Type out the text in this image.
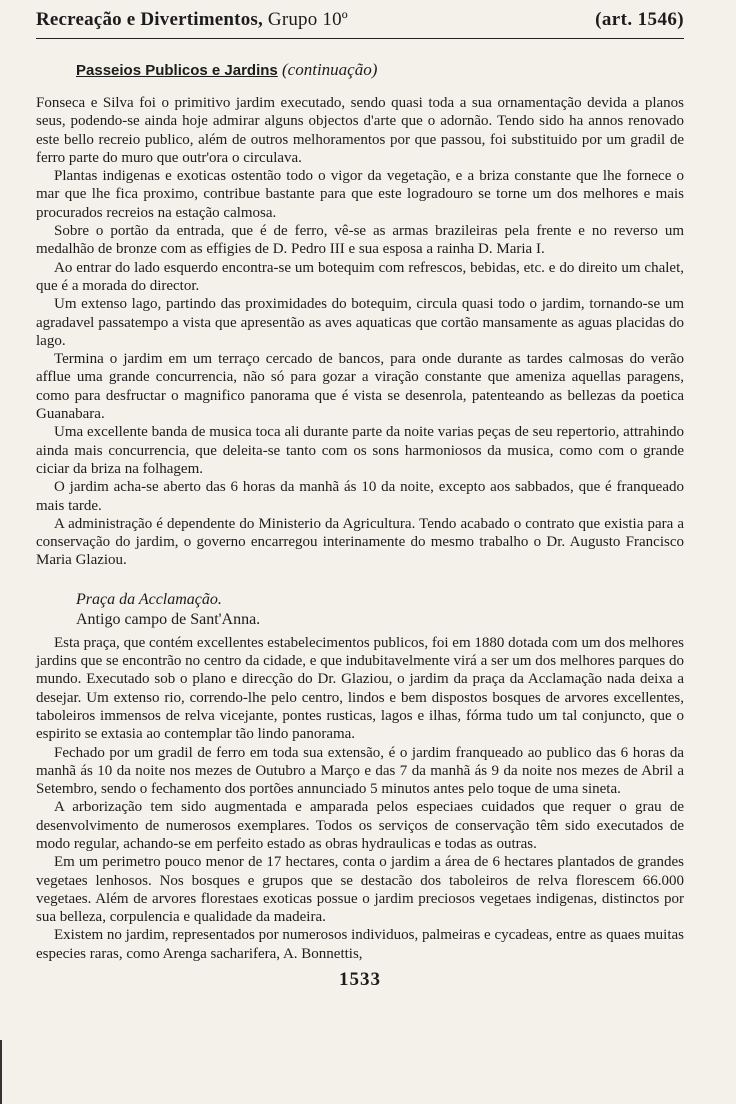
Recreação e Divertimentos, Grupo 10º	(art. 1546)
Passeios Publicos e Jardins (continuação)

Fonseca e Silva foi o primitivo jardim executado, sendo quasi toda a sua ornamentação devida a planos seus, podendo-se ainda hoje admirar alguns objectos d'arte que o adornão. Tendo sido ha annos renovado este bello recreio publico, além de outros melhoramentos por que passou, foi substituido por um gradil de ferro parte do muro que outr'ora o circulava.

Plantas indigenas e exoticas ostentão todo o vigor da vegetação, e a briza constante que lhe fornece o mar que lhe fica proximo, contribue bastante para que este logradouro se torne um dos melhores e mais procurados recreios na estação calmosa.

Sobre o portão da entrada, que é de ferro, vê-se as armas brazileiras pela frente e no reverso um medalhão de bronze com as effigies de D. Pedro III e sua esposa a rainha D. Maria I.

Ao entrar do lado esquerdo encontra-se um botequim com refrescos, bebidas, etc. e do direito um chalet, que é a morada do director.

Um extenso lago, partindo das proximidades do botequim, circula quasi todo o jardim, tornando-se um agradavel passatempo a vista que apresentão as aves aquaticas que cortão mansamente as aguas placidas do lago.

Termina o jardim em um terraço cercado de bancos, para onde durante as tardes calmosas do verão afflue uma grande concurrencia, não só para gozar a viração constante que ameniza aquellas paragens, como para desfructar o magnifico panorama que é vista se desenrola, patenteando as bellezas da poetica Guanabara.

Uma excellente banda de musica toca ali durante parte da noite varias peças de seu repertorio, attrahindo ainda mais concurrencia, que deleita-se tanto com os sons harmoniosos da musica, como com o grande ciciar da briza na folhagem.

O jardim acha-se aberto das 6 horas da manhã ás 10 da noite, excepto aos sabbados, que é franqueado mais tarde.

A administração é dependente do Ministerio da Agricultura. Tendo acabado o contrato que existia para a conservação do jardim, o governo encarregou interinamente do mesmo trabalho o Dr. Augusto Francisco Maria Glaziou.

Praça da Acclamação.
Antigo campo de Sant'Anna.

Esta praça, que contém excellentes estabelecimentos publicos, foi em 1880 dotada com um dos melhores jardins que se encontrão no centro da cidade, e que indubitavelmente virá a ser um dos melhores parques do mundo. Executado sob o plano e direcção do Dr. Glaziou, o jardim da praça da Acclamação nada deixa a desejar. Um extenso rio, correndo-lhe pelo centro, lindos e bem dispostos bosques de arvores excellentes, taboleiros immensos de relva vicejante, pontes rusticas, lagos e ilhas, fórma tudo um tal conjuncto, que o espirito se extasia ao contemplar tão lindo panorama.

Fechado por um gradil de ferro em toda sua extensão, é o jardim franqueado ao publico das 6 horas da manhã ás 10 da noite nos mezes de Outubro a Março e das 7 da manhã ás 9 da noite nos mezes de Abril a Setembro, sendo o fechamento dos portões annunciado 5 minutos antes pelo toque de uma sineta.

A arborização tem sido augmentada e amparada pelos especiaes cuidados que requer o grau de desenvolvimento de numerosos exemplares. Todos os serviços de conservação têm sido executados de modo regular, achando-se em perfeito estado as obras hydraulicas e todas as outras.

Em um perimetro pouco menor de 17 hectares, conta o jardim a área de 6 hectares plantados de grandes vegetaes lenhosos. Nos bosques e grupos que se destacão dos taboleiros de relva florescem 66.000 vegetaes. Além de arvores florestaes exoticas possue o jardim preciosos vegetaes indigenas, distinctos por sua belleza, corpulencia e qualidade da madeira.

Existem no jardim, representados por numerosos individuos, palmeiras e cycadeas, entre as quaes muitas especies raras, como Arenga sacharifera, A. Bonnettis,

1533
